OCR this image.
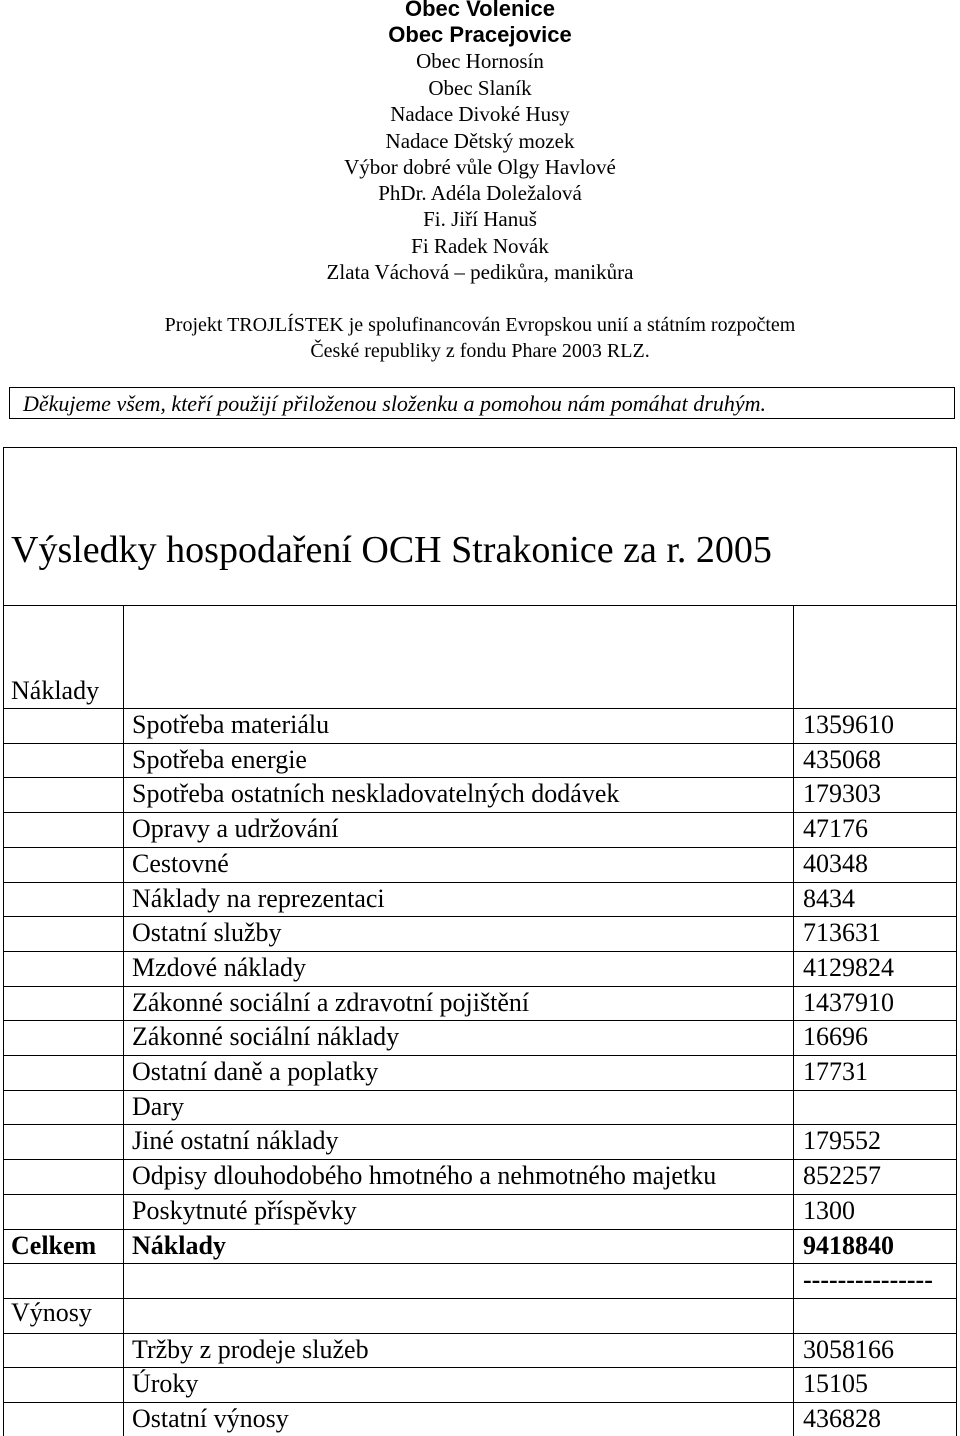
Obec Volenice
Obec Pracejovice
Obec Hornosín
Obec Slaník
Nadace Divoké Husy
Nadace Dětský mozek
Výbor dobré vůle Olgy Havlové
PhDr. Adéla Doležalová
Fi. Jiří Hanuš
Fi Radek Novák
Zlata Váchová – pedikůra, manikůra
Projekt TROJLÍSTEK je spolufinancován Evropskou unií a státním rozpočtem
České republiky z fondu Phare 2003 RLZ.
Děkujeme všem, kteří použijí přiloženou složenku a pomohou nám pomáhat druhým.
Výsledky hospodaření OCH Strakonice za r. 2005
Náklady
Spotřeba materiálu	1359610
Spotřeba energie	435068
Spotřeba ostatních neskladovatelných dodávek	179303
Opravy a udržování	47176
Cestovné	40348
Náklady na reprezentaci	8434
Ostatní služby	713631
Mzdové náklady	4129824
Zákonné sociální a zdravotní pojištění	1437910
Zákonné sociální náklady	16696
Ostatní daně a poplatky	17731
Dary
Jiné ostatní náklady	179552
Odpisy dlouhodobého hmotného a nehmotného majetku	852257
Poskytnuté příspěvky	1300
Celkem Náklady	9418840
---------------
Výnosy
Tržby z prodeje služeb	3058166
Úroky	15105
Ostatní výnosy	436828
